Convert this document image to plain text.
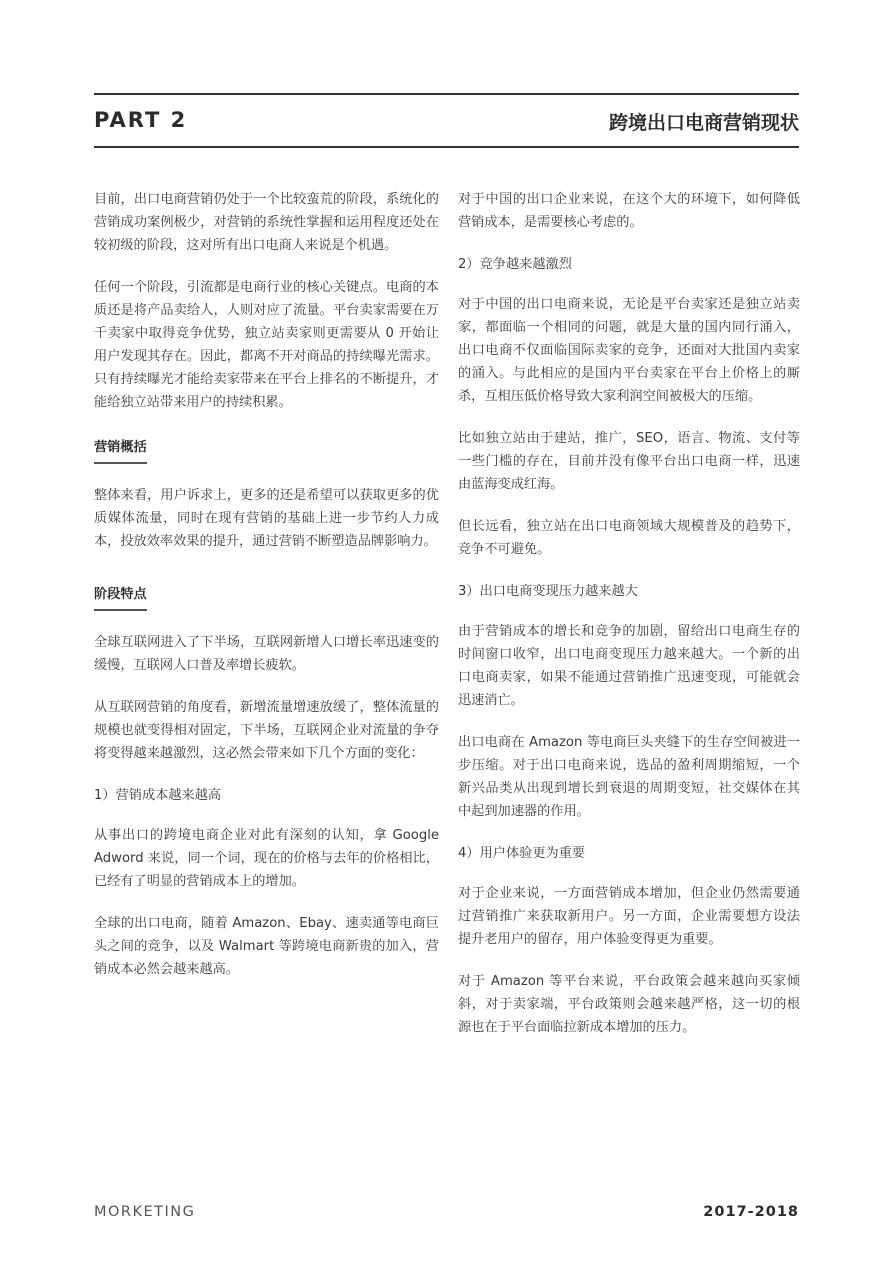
PART 2	跨境出口电商营销现状

目前，出口电商营销仍处于一个比较蛮荒的阶段，系统化的营销成功案例极少，对营销的系统性掌握和运用程度还处在较初级的阶段，这对所有出口电商人来说是个机遇。

任何一个阶段，引流都是电商行业的核心关键点。电商的本质还是将产品卖给人，人则对应了流量。平台卖家需要在万千卖家中取得竞争优势，独立站卖家则更需要从 0 开始让用户发现其存在。因此，都离不开对商品的持续曝光需求。只有持续曝光才能给卖家带来在平台上排名的不断提升，才能给独立站带来用户的持续积累。

营销概括

整体来看，用户诉求上，更多的还是希望可以获取更多的优质媒体流量，同时在现有营销的基础上进一步节约人力成本，投放效率效果的提升，通过营销不断塑造品牌影响力。

阶段特点

全球互联网进入了下半场，互联网新增人口增长率迅速变的缓慢，互联网人口普及率增长疲软。

从互联网营销的角度看，新增流量增速放缓了，整体流量的规模也就变得相对固定，下半场，互联网企业对流量的争夺将变得越来越激烈，这必然会带来如下几个方面的变化：

1）营销成本越来越高

从事出口的跨境电商企业对此有深刻的认知，拿 Google Adword 来说，同一个词，现在的价格与去年的价格相比，已经有了明显的营销成本上的增加。

全球的出口电商，随着 Amazon、Ebay、速卖通等电商巨头之间的竞争，以及 Walmart 等跨境电商新贵的加入，营销成本必然会越来越高。

对于中国的出口企业来说，在这个大的环境下，如何降低营销成本，是需要核心考虑的。

2）竞争越来越激烈

对于中国的出口电商来说，无论是平台卖家还是独立站卖家，都面临一个相同的问题，就是大量的国内同行涌入，出口电商不仅面临国际卖家的竞争，还面对大批国内卖家的涌入。与此相应的是国内平台卖家在平台上价格上的厮杀，互相压低价格导致大家利润空间被极大的压缩。

比如独立站由于建站，推广，SEO，语言、物流、支付等一些门槛的存在，目前并没有像平台出口电商一样，迅速由蓝海变成红海。

但长远看，独立站在出口电商领域大规模普及的趋势下，竞争不可避免。

3）出口电商变现压力越来越大

由于营销成本的增长和竞争的加剧，留给出口电商生存的时间窗口收窄，出口电商变现压力越来越大。一个新的出口电商卖家，如果不能通过营销推广迅速变现，可能就会迅速消亡。

出口电商在 Amazon 等电商巨头夹缝下的生存空间被进一步压缩。对于出口电商来说，选品的盈利周期缩短，一个新兴品类从出现到增长到衰退的周期变短，社交媒体在其中起到加速器的作用。

4）用户体验更为重要

对于企业来说，一方面营销成本增加，但企业仍然需要通过营销推广来获取新用户。另一方面，企业需要想方设法提升老用户的留存，用户体验变得更为重要。

对于 Amazon 等平台来说，平台政策会越来越向买家倾斜，对于卖家端，平台政策则会越来越严格，这一切的根源也在于平台面临拉新成本增加的压力。

MORKETING	2017-2018
